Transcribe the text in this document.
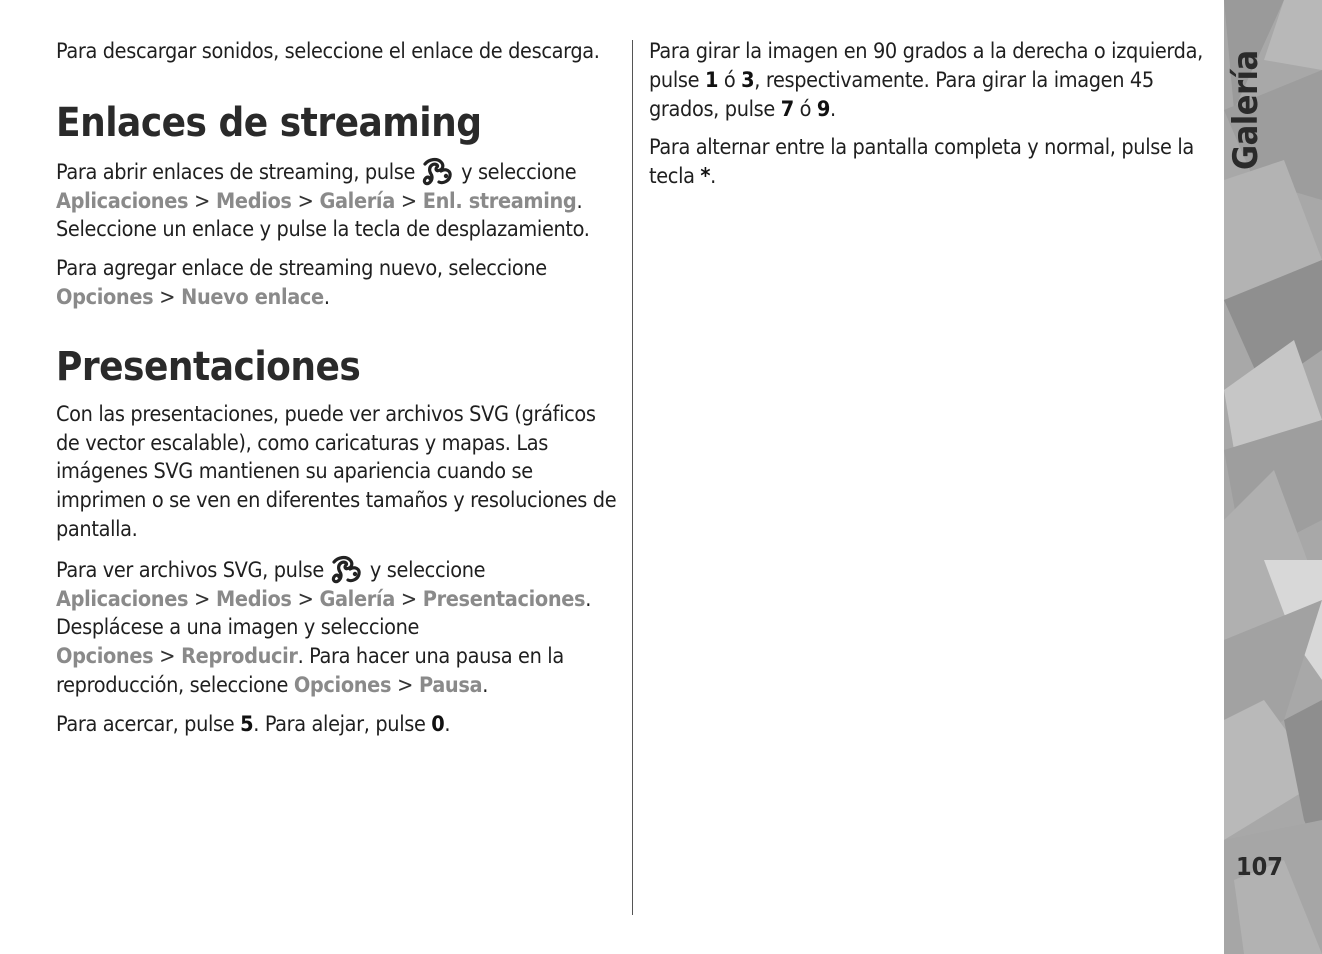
Para descargar sonidos, seleccione el enlace de descarga.

Enlaces de streaming

Para abrir enlaces de streaming, pulse y seleccione Aplicaciones > Medios > Galería > Enl. streaming. Seleccione un enlace y pulse la tecla de desplazamiento.

Para agregar enlace de streaming nuevo, seleccione Opciones > Nuevo enlace.

Presentaciones

Con las presentaciones, puede ver archivos SVG (gráficos de vector escalable), como caricaturas y mapas. Las imágenes SVG mantienen su apariencia cuando se imprimen o se ven en diferentes tamaños y resoluciones de pantalla.

Para ver archivos SVG, pulse y seleccione Aplicaciones > Medios > Galería > Presentaciones. Desplácese a una imagen y seleccione Opciones > Reproducir. Para hacer una pausa en la reproducción, seleccione Opciones > Pausa.

Para acercar, pulse 5. Para alejar, pulse 0.

Para girar la imagen en 90 grados a la derecha o izquierda, pulse 1 ó 3, respectivamente. Para girar la imagen 45 grados, pulse 7 ó 9.

Para alternar entre la pantalla completa y normal, pulse la tecla *.

Galería
107
